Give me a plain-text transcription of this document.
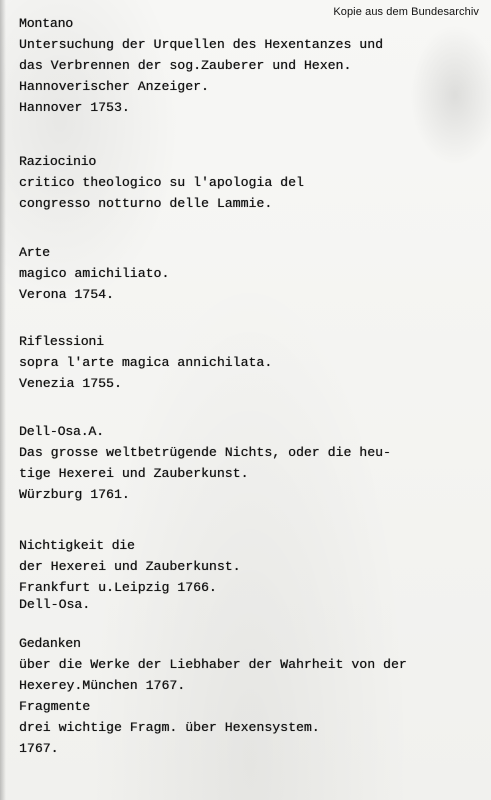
Kopie aus dem Bundesarchiv
Montano
Untersuchung der Urquellen des Hexentanzes und
das Verbrennen der sog.Zauberer und Hexen.
Hannoverischer Anzeiger.
Hannover 1753.
Raziocinio
critico theologico su l'apologia del
congresso notturno delle Lammie.
Arte
magico amichiliato.
Verona 1754.
Riflessioni
sopra l'arte magica annichilata.
Venezia 1755.
Dell-Osa.A.
Das grosse weltbetrügende Nichts, oder die heu-
tige Hexerei und Zauberkunst.
Würzburg 1761.
Nichtigkeit die
der Hexerei und Zauberkunst.
Frankfurt u.Leipzig 1766.
Dell-Osa.
Gedanken
über die Werke der Liebhaber der Wahrheit von der
Hexerey.München 1767.
Fragmente
drei wichtige Fragm. über Hexensystem.
1767.
